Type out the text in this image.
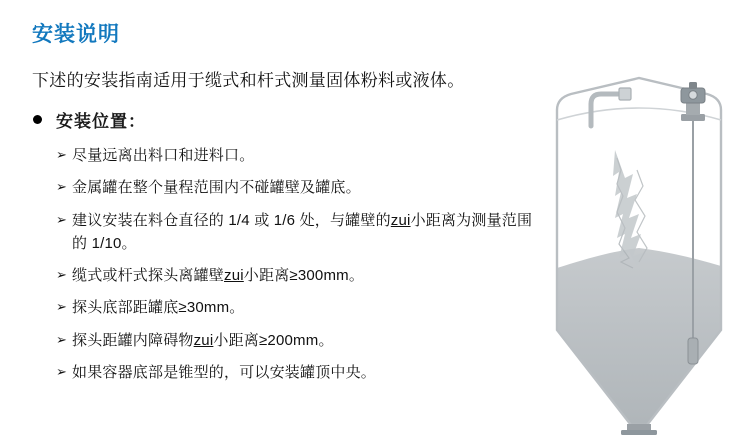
安装说明

下述的安装指南适用于缆式和杆式测量固体粉料或液体。

安装位置：
➢ 尽量远离出料口和进料口。
➢ 金属罐在整个量程范围内不碰罐壁及罐底。
➢ 建议安装在料仓直径的 1/4 或 1/6 处，与罐壁的zui小距离为测量范围的 1/10。
➢ 缆式或杆式探头离罐壁zui小距离≥300mm。
➢ 探头底部距罐底≥30mm。
➢ 探头距罐内障碍物zui小距离≥200mm。
➢ 如果容器底部是锥型的，可以安装罐顶中央。
